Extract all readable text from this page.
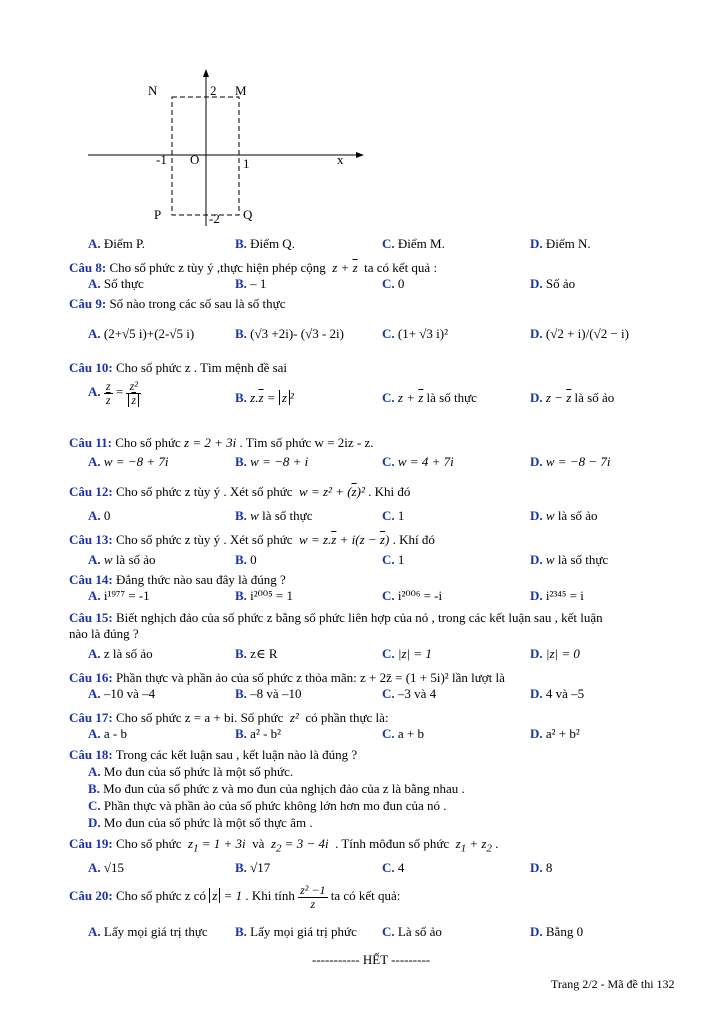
N	2 M
-1 O	1	x
P	-2 Q
A. Điểm P.	B. Điểm Q.	C. Điểm M.	D. Điểm N.
Câu 8: Cho số phức z tùy ý ,thực hiện phép cộng  $z + \overline{z}$ ta có kết quả :
A. Số thực	B. – 1	C. 0	D. Số ảo
Câu 9: Số nào trong các số sau là số thực
A. (2+√5 i)+(2-√5 i)	B. (√3 +2i)- (√3 - 2i)	C. (1+ √3 i)²	D. (√2 + i)/(√2 − i)
Câu 10: Cho số phức z . Tìm mệnh đề sai
A. $\frac{z}{z} = \frac{\text{z²}}{z}$	B. $z.\overline{z} = z$ ²	C. $z + \overline{z}$ là số thực	D. $z - \overline{z}$ là số ảo
Câu 11: Cho số phức z = 2 + 3i . Tìm số phức w = 2iz - z.
A. w = −8 + 7i	B. w = −8 + i	C. w = 4 + 7i	D. w = −8 − 7i
Câu 12: Cho số phức z tùy ý . Xét số phức  $w = z^2 + (\overline{z})^2$ . Khi đó
A. 0	B. w là số thực	C. 1	D. w là số ảo
Câu 13: Cho số phức z tùy ý . Xét số phức  $w = z.\overline{z} + i(z - \overline{z})$ . Khí đó
A. w là số ảo	B. 0	C. 1	D. w là số thực
Câu 14: Đẳng thức nào sau đây là đúng ?
A. i¹⁹⁷⁷ = -1	B. i²⁰⁰⁵ = 1	C. i²⁰⁰⁶ = -i	D. i²³⁴⁵ = i
Câu 15: Biết nghịch đảo của số phức z bằng số phức liên hợp của nó , trong các kết luận sau , kết luận
nào là đúng ?
A. z là số ảo	B. z∈ R	C. |z| = 1	D. |z| = 0
Câu 16: Phần thực và phần ảo của số phức z thỏa mãn: z + 2z̄ = (1 + 5i)² lần lượt là
A. –10 và –4	B. –8 và –10	C. –3 và 4	D. 4 và –5
Câu 17: Cho số phức z = a + bi. Số phức  z²  có phần thực là:
A. a - b	B. a² - b²	C. a + b	D. a² + b²
Câu 18: Trong các kết luận sau , kết luận nào là đúng ?
A. Mo đun của số phức là một số phức.
B. Mo đun của số phức z và mo đun của nghịch đảo của z là bằng nhau .
C. Phần thực và phần ảo của số phức không lớn hơn mo đun của nó .
D. Mo đun của số phức là một số thực âm .
Câu 19: Cho số phức  $z_1 = 1 + 3i$  và  $z_2 = 3 - 4i$  . Tính môđun số phức  $z_1 + z_2$ .
A. √15	B. √17	C. 4	D. 8
Câu 20: Cho số phức z có z = 1 . Khi tính $\frac{\text{z² −1}}{z}$ ta có kết quả:
A. Lấy mọi giá trị thực B. Lấy mọi giá trị phức C. Là số ảo	D. Bằng 0
----------- HẾT ---------
Trang 2/2 - Mã đề thi 132
